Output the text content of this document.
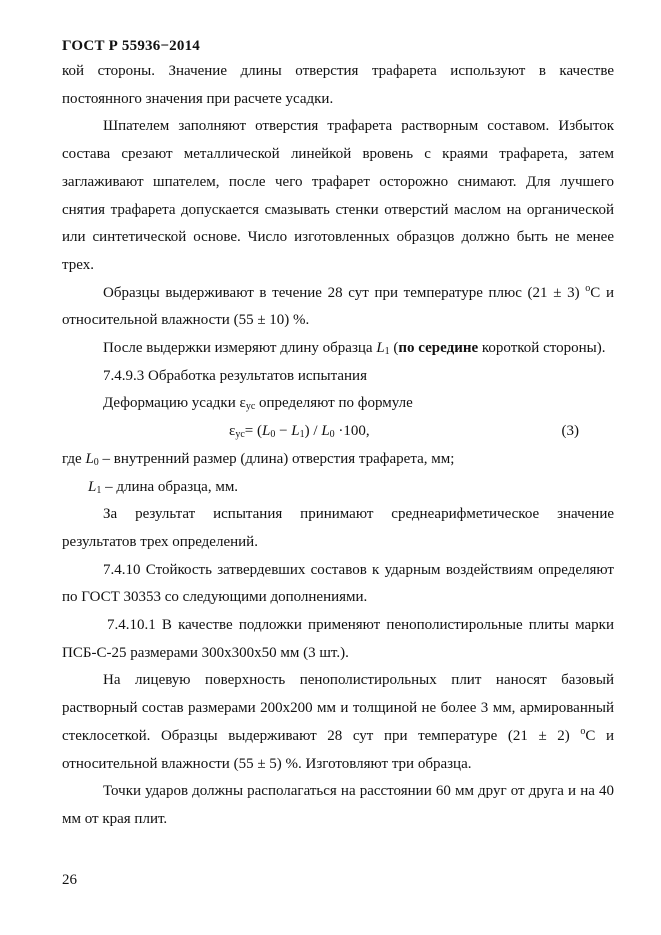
ГОСТ Р 55936−2014

кой стороны. Значение длины отверстия трафарета используют в качестве постоянного значения при расчете усадки.

Шпателем заполняют отверстия трафарета растворным составом. Избыток состава срезают металлической линейкой вровень с краями трафарета, затем заглаживают шпателем, после чего трафарет осторожно снимают. Для лучшего снятия трафарета допускается смазывать стенки отверстий маслом на органической или синтетической основе. Число изготовленных образцов должно быть не менее трех.

Образцы выдерживают в течение 28 сут при температуре плюс (21 ± 3) $^о$С и относительной влажности (55 ± 10) %.

После выдержки измеряют длину образца $L_1$ (по середине короткой стороны).

7.4.9.3 Обработка результатов испытания

Деформацию усадки $\varepsilon_{ус}$ определяют по формуле

$\varepsilon_{ус}= (L_0 - L_1) / L_0 \cdot 100$,	(3)

где $L_0$ – внутренний размер (длина) отверстия трафарета, мм;

$L_1$ – длина образца, мм.

За результат испытания принимают среднеарифметическое значение результатов трех определений.

7.4.10 Стойкость затвердевших составов к ударным воздействиям определяют по ГОСТ 30353 со следующими дополнениями.

7.4.10.1 В качестве подложки применяют пенополистирольные плиты марки ПСБ-С-25 размерами 300х300х50 мм (3 шт.).

На лицевую поверхность пенополистирольных плит наносят базовый растворный состав размерами 200х200 мм и толщиной не более 3 мм, армированный стеклосеткой. Образцы выдерживают 28 сут при температуре (21 ± 2) $^о$С и относительной влажности (55 ± 5) %. Изготовляют три образца.

Точки ударов должны располагаться на расстоянии 60 мм друг от друга и на 40 мм от края плит.

26
